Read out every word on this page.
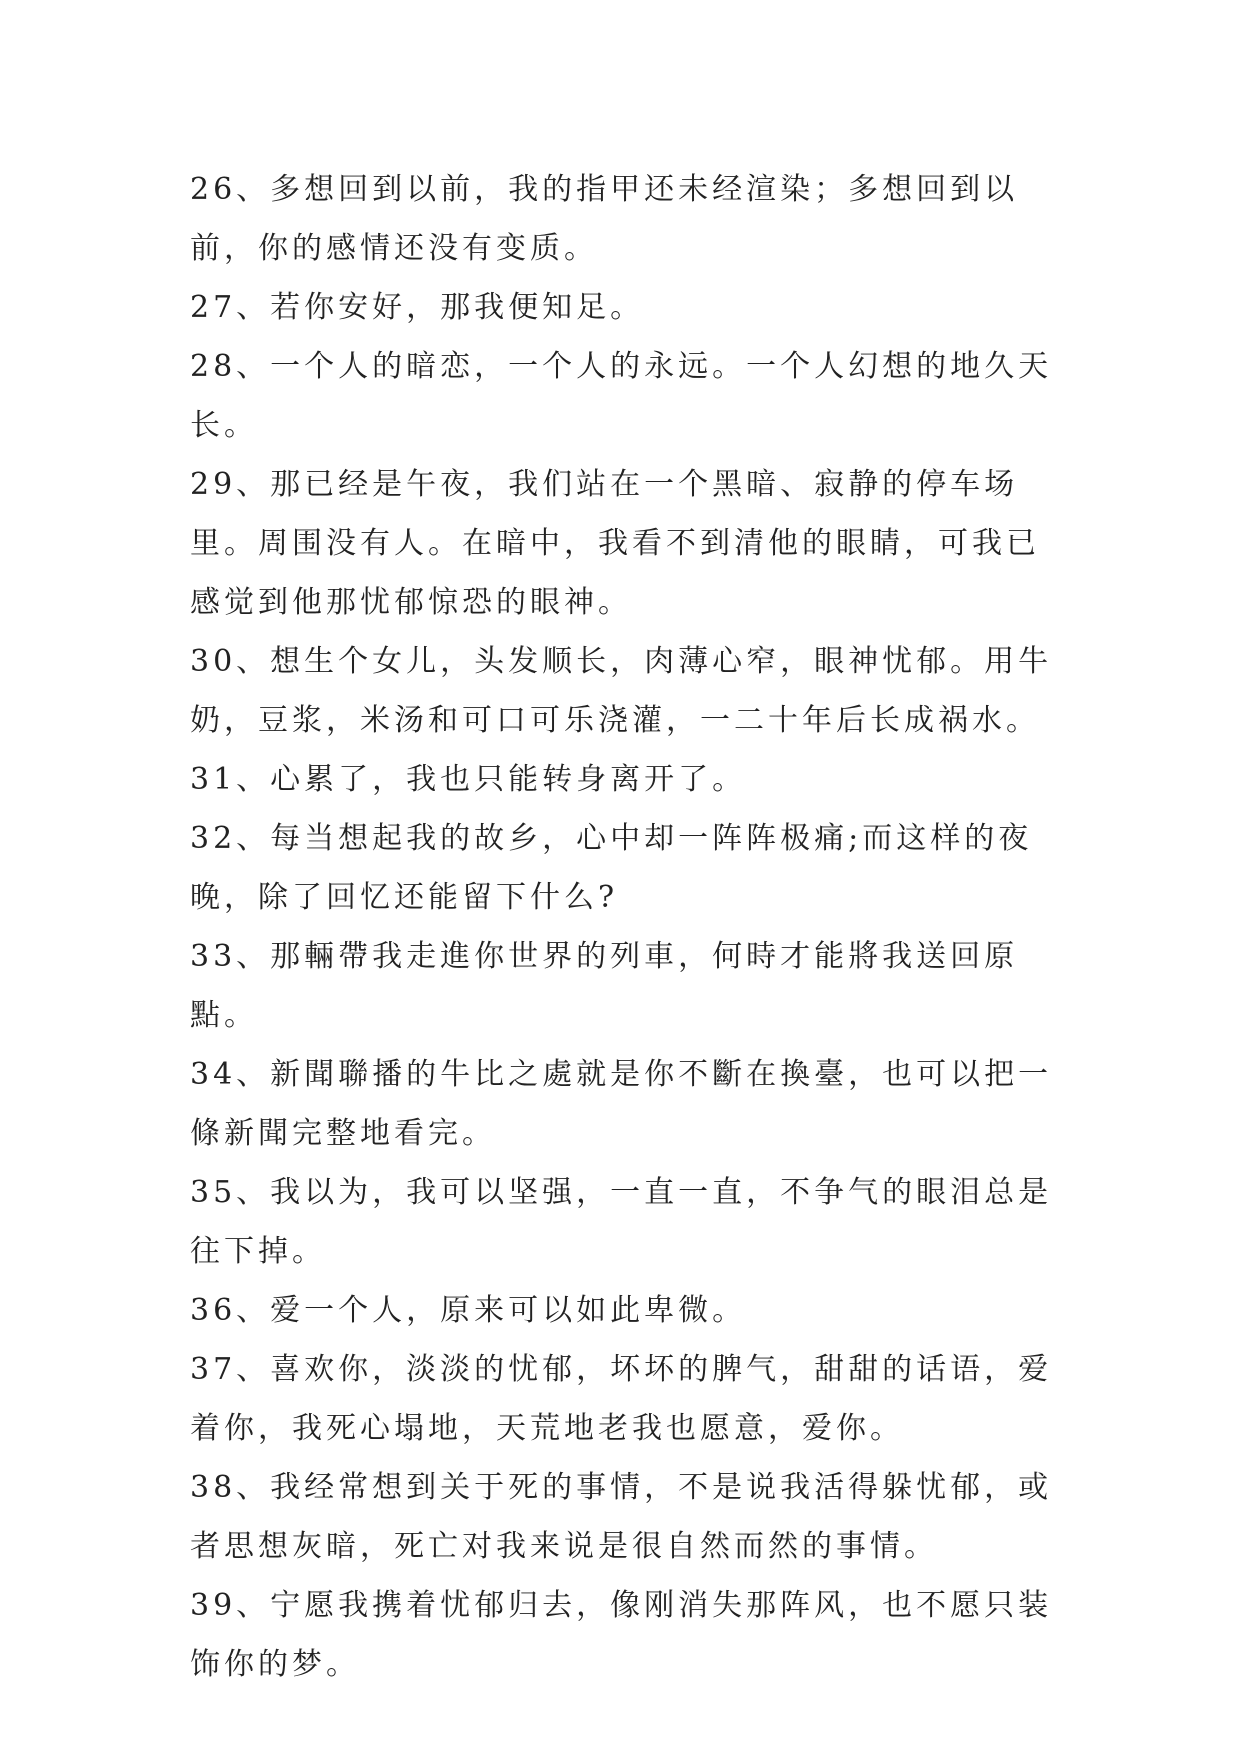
26、多想回到以前，我的指甲还未经渲染；多想回到以前，你的感情还没有变质。

27、若你安好，那我便知足。

28、一个人的暗恋，一个人的永远。一个人幻想的地久天长。

29、那已经是午夜，我们站在一个黑暗、寂静的停车场里。周围没有人。在暗中，我看不到清他的眼睛，可我已感觉到他那忧郁惊恐的眼神。

30、想生个女儿，头发顺长，肉薄心窄，眼神忧郁。用牛奶，豆浆，米汤和可口可乐浇灌，一二十年后长成祸水。

31、心累了，我也只能转身离开了。

32、每当想起我的故乡，心中却一阵阵极痛;而这样的夜晚，除了回忆还能留下什么?

33、那輛帶我走進你世界的列車，何時才能將我送回原點。

34、新聞聯播的牛比之處就是你不斷在換臺，也可以把一條新聞完整地看完。

35、我以为，我可以坚强，一直一直，不争气的眼泪总是往下掉。

36、爱一个人，原来可以如此卑微。

37、喜欢你，淡淡的忧郁，坏坏的脾气，甜甜的话语，爱着你，我死心塌地，天荒地老我也愿意，爱你。

38、我经常想到关于死的事情，不是说我活得躲忧郁，或者思想灰暗，死亡对我来说是很自然而然的事情。

39、宁愿我携着忧郁归去，像刚消失那阵风，也不愿只装饰你的梦。
